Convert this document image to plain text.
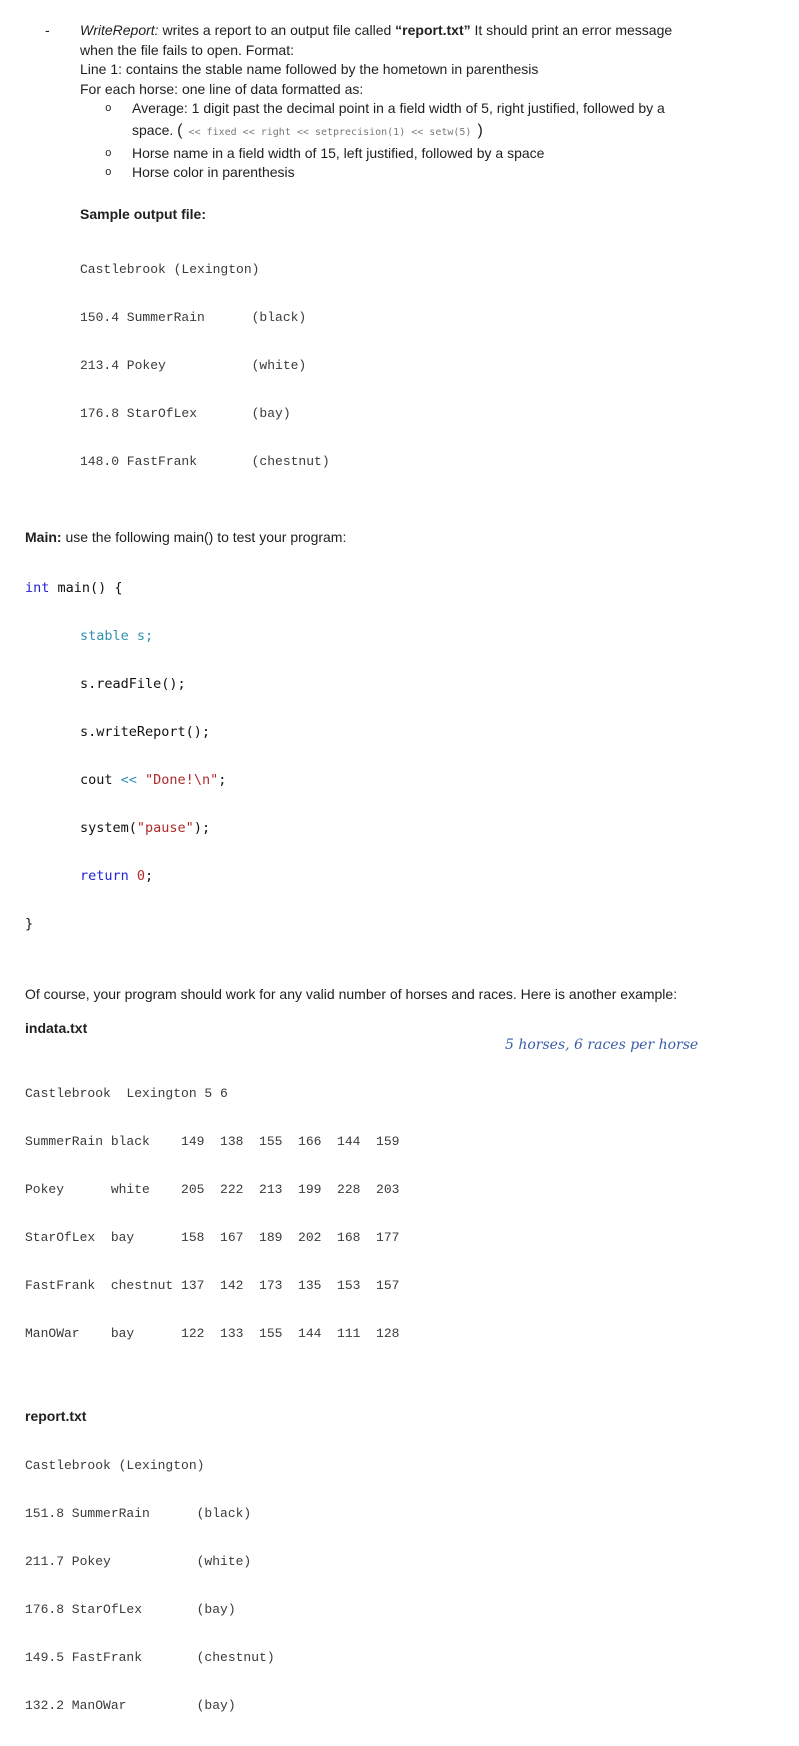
- WriteReport: writes a report to an output file called “report.txt” It should print an error message
when the file fails to open. Format:
Line 1: contains the stable name followed by the hometown in parenthesis
For each horse: one line of data formatted as:
o Average: 1 digit past the decimal point in a field width of 5, right justified, followed by a
space. ( << fixed << right << setprecision(1) << setw(5) )
o Horse name in a field width of 15, left justified, followed by a space
o Horse color in parenthesis
Sample output file:

Castlebrook (Lexington)

150.4 SummerRain      (black)

213.4 Pokey           (white)

176.8 StarOfLex       (bay)

148.0 FastFrank       (chestnut)

Main: use the following main() to test your program:

int main() {

stable s;

s.readFile();

s.writeReport();

cout << "Done!\n";

system("pause");

return 0;

}

Of course, your program should work for any valid number of horses and races. Here is another example:
indata.txt

5 horses, 6 races per horse

Castlebrook  Lexington 5 6

SummerRain black    149  138  155  166  144  159

Pokey      white    205  222  213  199  228  203

StarOfLex  bay      158  167  189  202  168  177

FastFrank  chestnut 137  142  173  135  153  157

ManOWar    bay      122  133  155  144  111  128

report.txt

Castlebrook (Lexington)

151.8 SummerRain      (black)

211.7 Pokey           (white)

176.8 StarOfLex       (bay)

149.5 FastFrank       (chestnut)

132.2 ManOWar         (bay)
